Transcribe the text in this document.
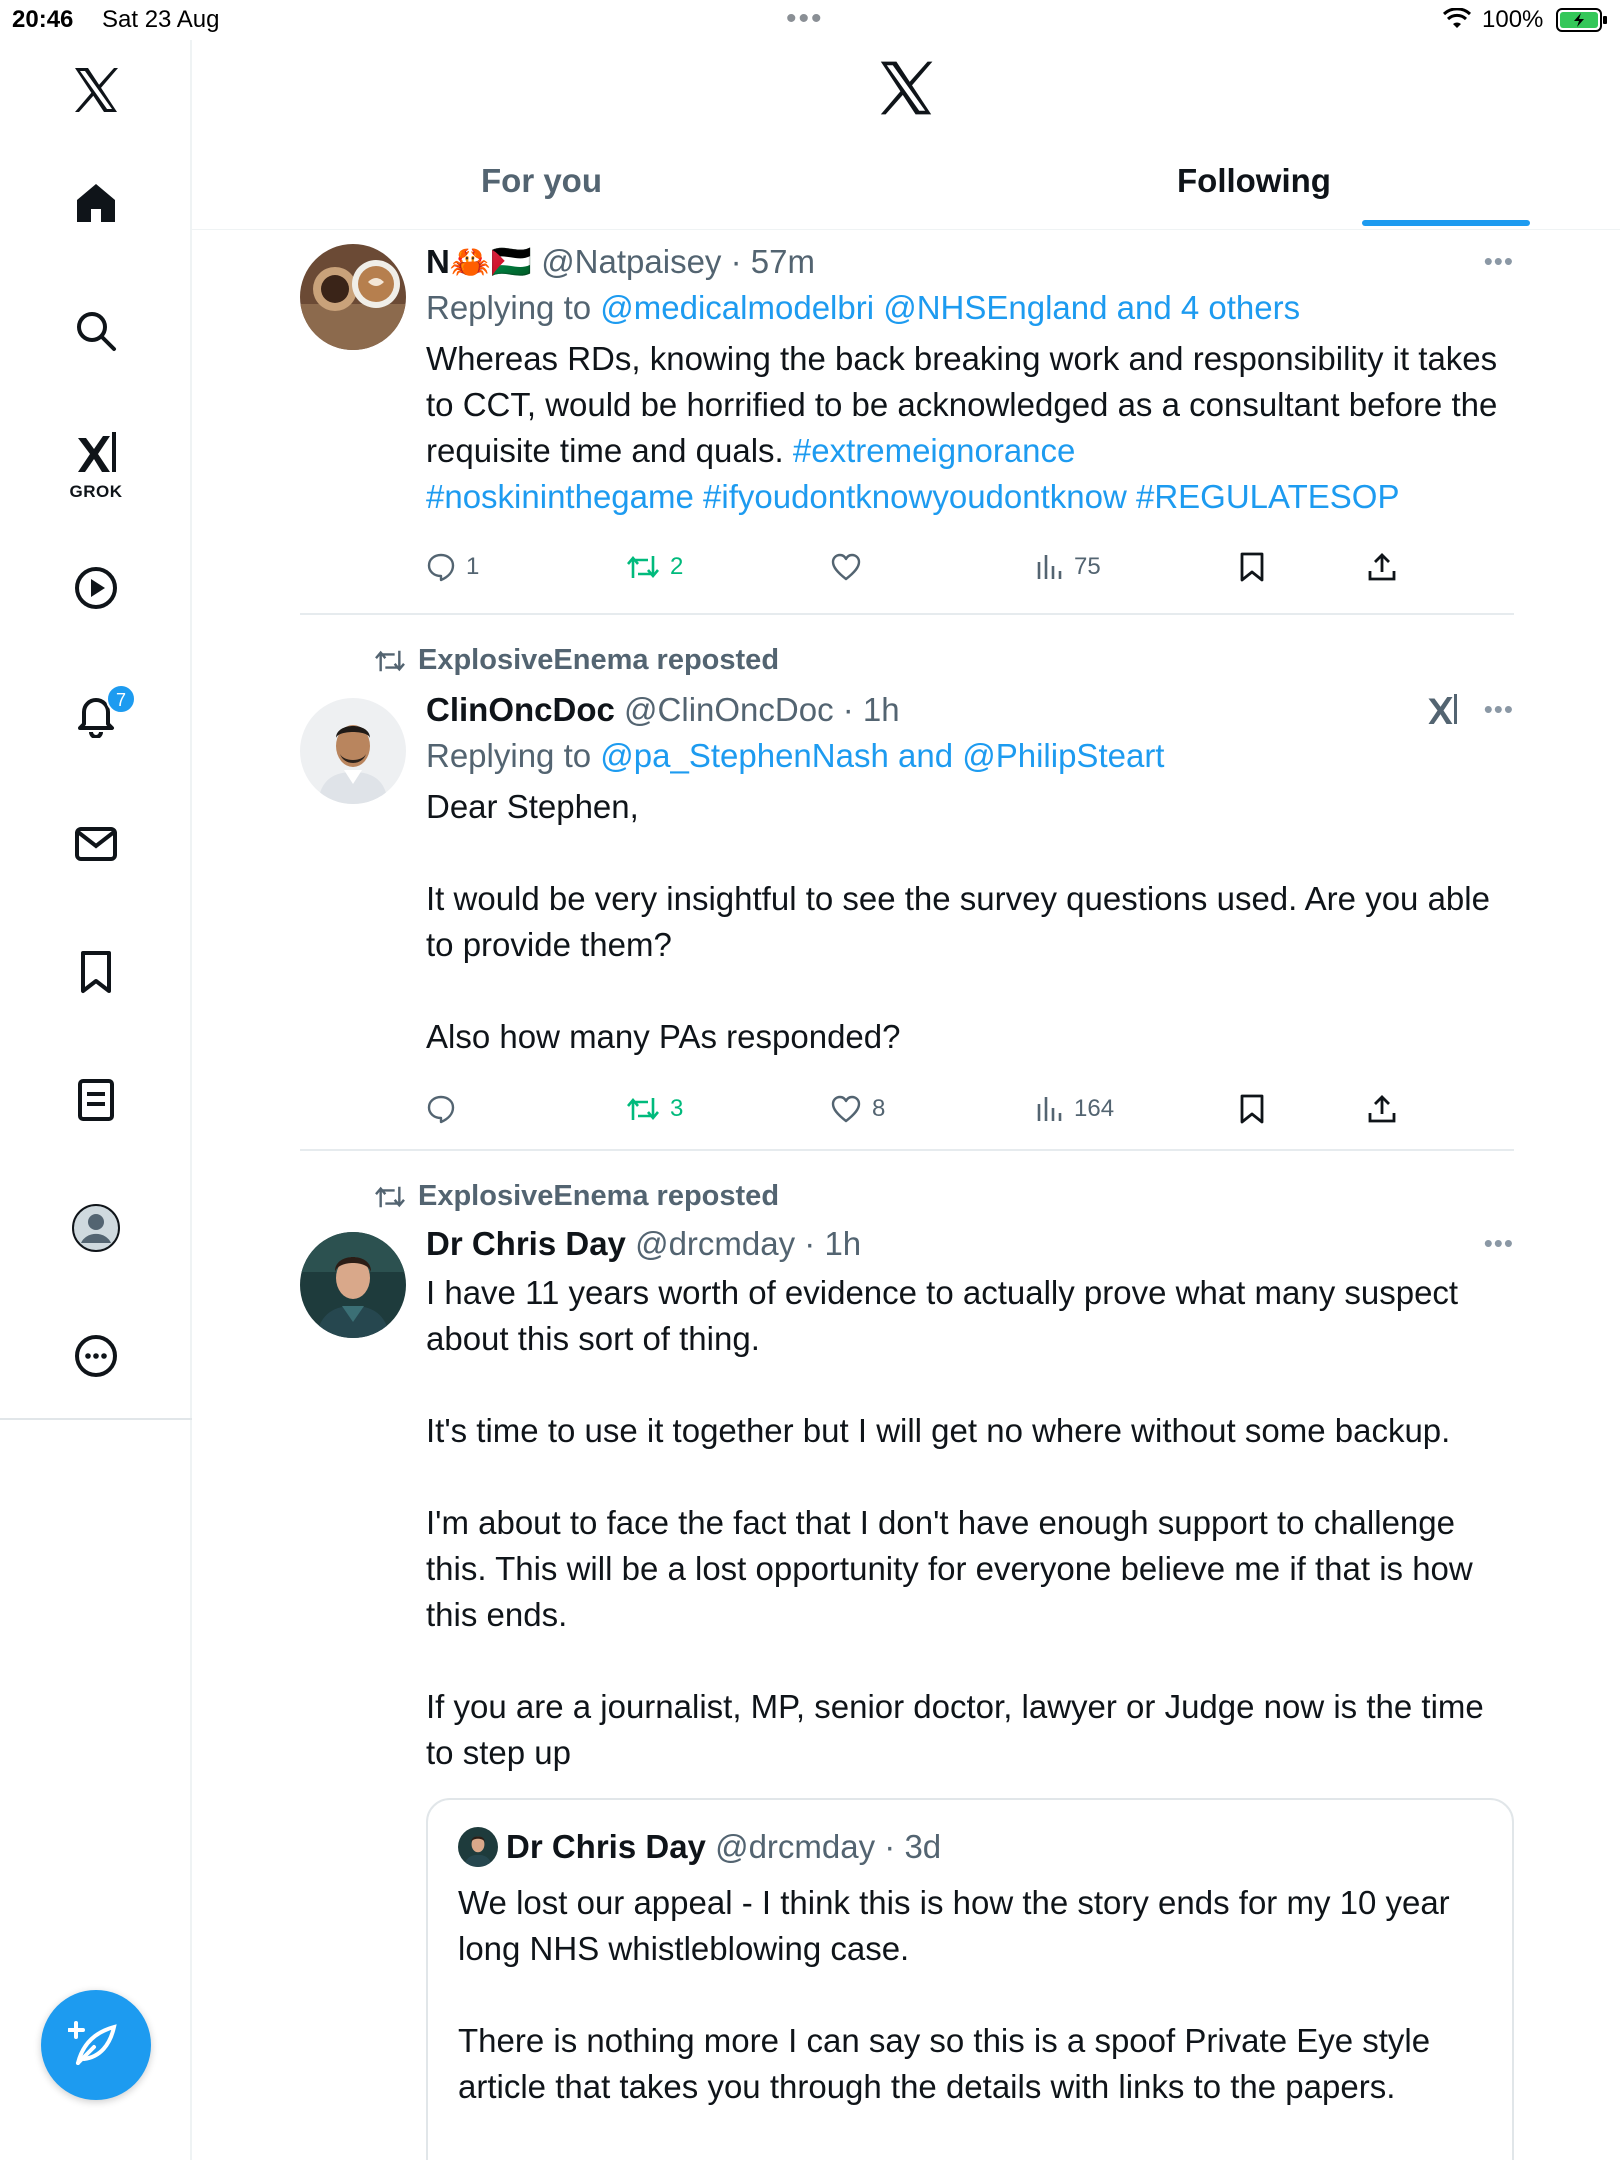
20:46 Sat 23 Aug	•••	100%
GROK
7
For you	Following
N🦀🇵🇸 @Natpaisey · 57m
Replying to @medicalmodelbri @NHSEngland and 4 others

Whereas RDs, knowing the back breaking work and responsibility it takes to CCT, would be horrified to be acknowledged as a consultant before the requisite time and quals. #extremeignorance

#noskininthegame #ifyoudontknowyoudontknow #REGULATESOP

•••
1	2	75
ExplosiveEnema reposted
ClinOncDoc @ClinOncDoc · 1h
Replying to @pa_StephenNash and @PhilipSteart

Dear Stephen,

It would be very insightful to see the survey questions used. Are you able to provide them?

Also how many PAs responded?

•••
3	8	164
ExplosiveEnema reposted
Dr Chris Day @drcmday · 1h

I have 11 years worth of evidence to actually prove what many suspect about this sort of thing.

It's time to use it together but I will get no where without some backup.

I'm about to face the fact that I don't have enough support to challenge this. This will be a lost opportunity for everyone believe me if that is how this ends.

If you are a journalist, MP, senior doctor, lawyer or Judge now is the time to step up

•••
Dr Chris Day
@drcmday · 3d

We lost our appeal - I think this is how the story ends for my 10 year long NHS whistleblowing case.

There is nothing more I can say so this is a spoof Private Eye style article that takes you through the details with links to the papers.
